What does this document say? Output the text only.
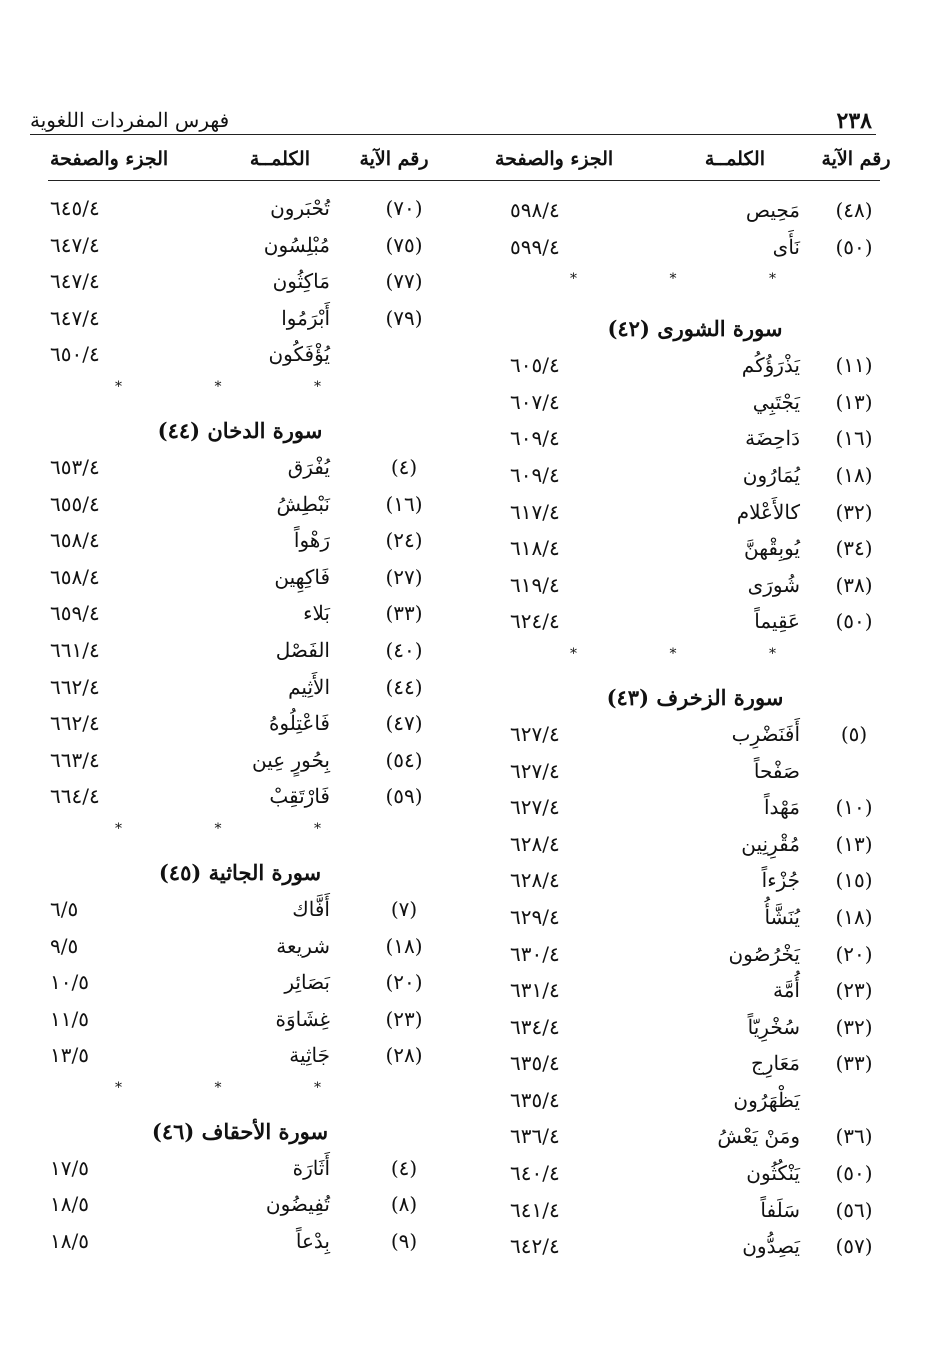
٢٣٨
فهرس المفردات اللغوية
رقم الآية
الكلمــة
الجزء والصفحة
(٤٨)
مَحِيص
٥٩٨/٤
(٥٠)
نَأَى
٥٩٩/٤
* * *
سورة الشورى (٤٢)
(١١)
يَذْرَؤُكُم
٦٠٥/٤
(١٣)
يَجْتَبِي
٦٠٧/٤
(١٦)
دَاحِضَة
٦٠٩/٤
(١٨)
يُمَارُون
٦٠٩/٤
(٣٢)
كالأَعْلام
٦١٧/٤
(٣٤)
يُوبِقْهنَّ
٦١٨/٤
(٣٨)
شُورَى
٦١٩/٤
(٥٠)
عَقِيماً
٦٢٤/٤
* * *
سورة الزخرف (٤٣)
(٥)
أَفَنَضْرِب
٦٢٧/٤
صَفْحاً
٦٢٧/٤
(١٠)
مَهْداً
٦٢٧/٤
(١٣)
مُقْرِنِين
٦٢٨/٤
(١٥)
جُزْءاً
٦٢٨/٤
(١٨)
يُنَشَّأُ
٦٢٩/٤
(٢٠)
يَخْرُصُون
٦٣٠/٤
(٢٣)
أُمَّة
٦٣١/٤
(٣٢)
سُخْرِيّاً
٦٣٤/٤
(٣٣)
مَعَارِج
٦٣٥/٤
يَظْهَرُون
٦٣٥/٤
(٣٦)
ومَنْ يَعْشُ
٦٣٦/٤
(٥٠)
يَنْكُثُون
٦٤٠/٤
(٥٦)
سَلَفاً
٦٤١/٤
(٥٧)
يَصِدُّون
٦٤٢/٤
رقم الآية
الكلمــة
الجزء والصفحة
(٧٠)
تُحْبَرون
٦٤٥/٤
(٧٥)
مُبْلِسُون
٦٤٧/٤
(٧٧)
مَاكِثُون
٦٤٧/٤
(٧٩)
أَبْرَمُوا
٦٤٧/٤
يُؤْفَكُون
٦٥٠/٤
* * *
سورة الدخان (٤٤)
(٤)
يُفْرَق
٦٥٣/٤
(١٦)
نَبْطِشُ
٦٥٥/٤
(٢٤)
رَهْواً
٦٥٨/٤
(٢٧)
فَاكِهِين
٦٥٨/٤
(٣٣)
بَلاء
٦٥٩/٤
(٤٠)
الفَصْل
٦٦١/٤
(٤٤)
الأَثِيم
٦٦٢/٤
(٤٧)
فَاعْتِلُوهُ
٦٦٢/٤
(٥٤)
بِحُورٍ عِين
٦٦٣/٤
(٥٩)
فَارْتَقِبْ
٦٦٤/٤
* * *
سورة الجاثية (٤٥)
(٧)
أَفَّاك
٦/٥
(١٨)
شريعة
٩/٥
(٢٠)
بَصَائِر
١٠/٥
(٢٣)
غِشَاوَة
١١/٥
(٢٨)
جَاثِية
١٣/٥
* * *
سورة الأحقاف (٤٦)
(٤)
أَثَارَة
١٧/٥
(٨)
تُفِيضُون
١٨/٥
(٩)
بِدْعاً
١٨/٥
